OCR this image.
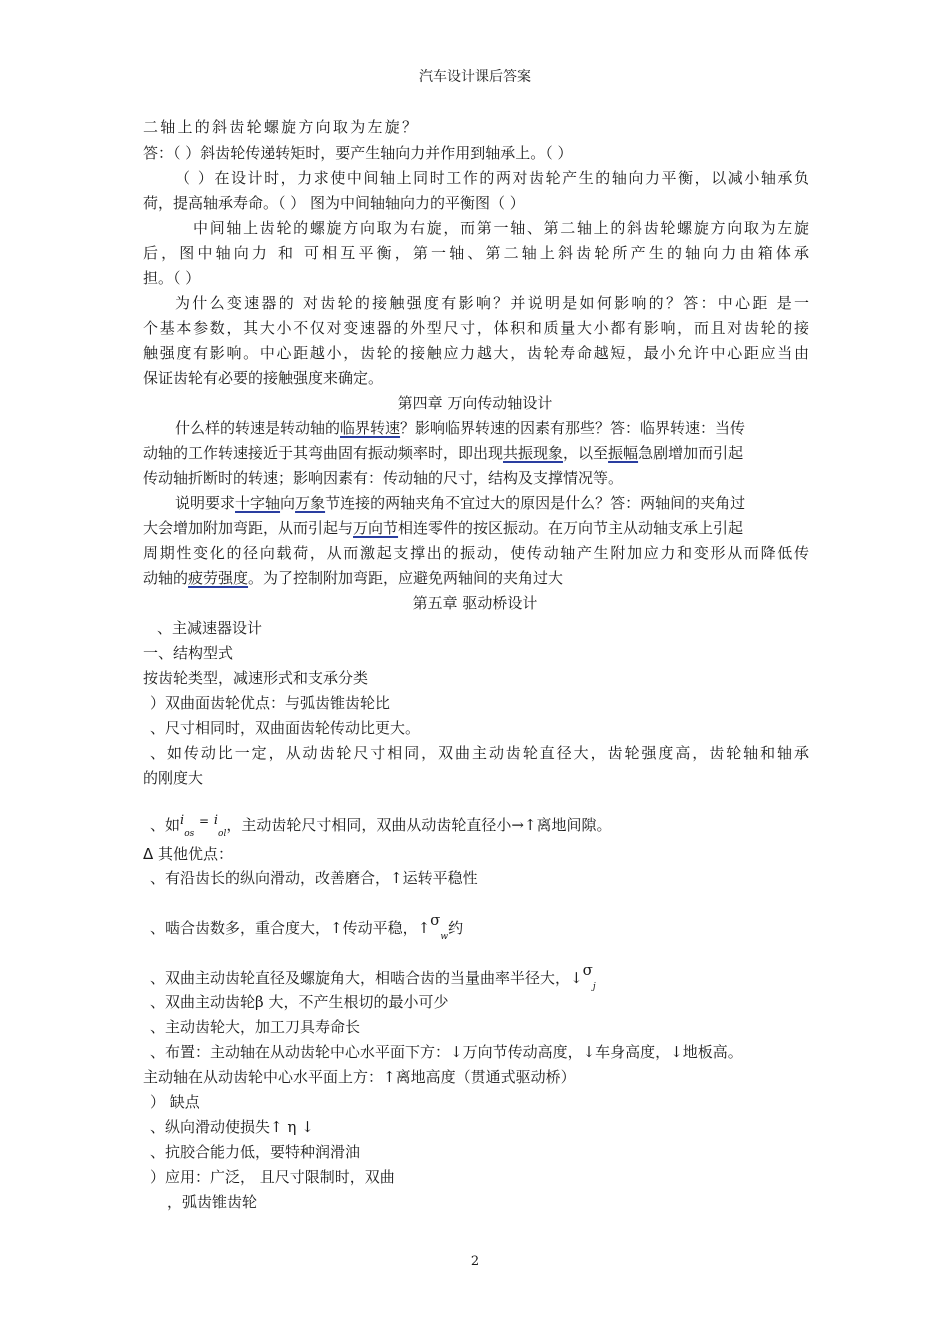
汽车设计课后答案
二轴上的斜齿轮螺旋方向取为左旋？
答：（ ）斜齿轮传递转矩时，要产生轴向力并作用到轴承上。（ ）
（ ）在设计时，力求使中间轴上同时工作的两对齿轮产生的轴向力平衡，以减小轴承负
荷，提高轴承寿命。（ ） 图为中间轴轴向力的平衡图（ ）
中间轴上齿轮的螺旋方向取为右旋，而第一轴、第二轴上的斜齿轮螺旋方向取为左旋
后，图中轴向力 和 可相互平衡，第一轴、第二轴上斜齿轮所产生的轴向力由箱体承
担。（ ）
为什么变速器的 对齿轮的接触强度有影响？并说明是如何影响的？答：中心距 是一
个基本参数，其大小不仅对变速器的外型尺寸，体积和质量大小都有影响，而且对齿轮的接
触强度有影响。中心距越小，齿轮的接触应力越大，齿轮寿命越短，最小允许中心距应当由
保证齿轮有必要的接触强度来确定。
第四章 万向传动轴设计
什么样的转速是转动轴的临界转速？影响临界转速的因素有那些？答：临界转速：当传
动轴的工作转速接近于其弯曲固有振动频率时，即出现共振现象，以至振幅急剧增加而引起
传动轴折断时的转速；影响因素有：传动轴的尺寸，结构及支撑情况等。
说明要求十字轴向万象节连接的两轴夹角不宜过大的原因是什么？答：两轴间的夹角过
大会增加附加弯距，从而引起与万向节相连零件的按区振动。在万向节主从动轴支承上引起
周期性变化的径向载荷，从而激起支撑出的振动，使传动轴产生附加应力和变形从而降低传
动轴的疲劳强度。为了控制附加弯距，应避免两轴间的夹角过大
第五章 驱动桥设计
、主减速器设计
一、结构型式
按齿轮类型，减速形式和支承分类
）双曲面齿轮优点：与弧齿锥齿轮比
、尺寸相同时，双曲面齿轮传动比更大。
、如传动比一定，从动齿轮尺寸相同，双曲主动齿轮直径大，齿轮强度高，齿轮轴和轴承
的刚度大
、如$i_{os}$ = $i_{ol}$，主动齿轮尺寸相同，双曲从动齿轮直径小→↑离地间隙。
Δ 其他优点：
、有沿齿长的纵向滑动，改善磨合，↑运转平稳性
、啮合齿数多，重合度大，↑传动平稳，$↑\sigma_w$约
、双曲主动齿轮直径及螺旋角大，相啮合齿的当量曲率半径大，$↓\sigma_j$
、双曲主动齿轮β 大，不产生根切的最小可少
、主动齿轮大，加工刀具寿命长
、布置：主动轴在从动齿轮中心水平面下方：↓万向节传动高度，↓车身高度，↓地板高。
主动轴在从动齿轮中心水平面上方：↑离地高度（贯通式驱动桥）
） 缺点
、纵向滑动使损失↑ η ↓
、抗胶合能力低，要特种润滑油
）应用：广泛， 且尺寸限制时，双曲
，弧齿锥齿轮
2
